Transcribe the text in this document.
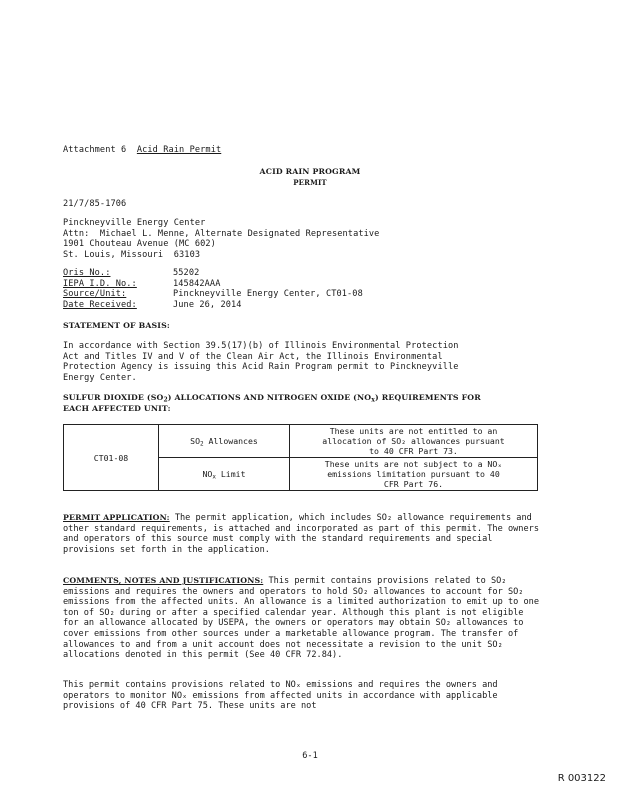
Attachment 6 Acid Rain Permit
ACID RAIN PROGRAM
PERMIT
21/7/85-1706
Pinckneyville Energy Center
Attn:  Michael L. Menne, Alternate Designated Representative
1901 Chouteau Avenue (MC 602)
St. Louis, Missouri  63103
Oris No.:	55202
IEPA I.D. No.:	145842AAA
Source/Unit:	Pinckneyville Energy Center, CT01-08
Date Received:	June 26, 2014
STATEMENT OF BASIS:
In accordance with Section 39.5(17)(b) of Illinois Environmental Protection
Act and Titles IV and V of the Clean Air Act, the Illinois Environmental
Protection Agency is issuing this Acid Rain Program permit to Pinckneyville
Energy Center.
SULFUR DIOXIDE $(SO_2)$ ALLOCATIONS AND NITROGEN OXIDE $(NO_x)$ REQUIREMENTS FOR
EACH AFFECTED UNIT:
CT01-08	$SO_2$ Allowances	These units are not entitled to an
allocation of SO₂ allowances pursuant
to 40 CFR Part 73.

	$NO_x$ Limit	These units are not subject to a NOₓ
emissions limitation pursuant to 40
CFR Part 76.
PERMIT APPLICATION: The permit application, which includes SO₂ allowance requirements and other standard requirements, is attached and incorporated as part of this permit. The owners and operators of this source must comply with the standard requirements and special provisions set forth in the application.
COMMENTS, NOTES AND JUSTIFICATIONS: This permit contains provisions related to SO₂ emissions and requires the owners and operators to hold SO₂ allowances to account for SO₂ emissions from the affected units. An allowance is a limited authorization to emit up to one ton of SO₂ during or after a specified calendar year. Although this plant is not eligible for an allowance allocated by USEPA, the owners or operators may obtain SO₂ allowances to cover emissions from other sources under a marketable allowance program. The transfer of allowances to and from a unit account does not necessitate a revision to the unit SO₂ allocations denoted in this permit (See 40 CFR 72.84).
This permit contains provisions related to NOₓ emissions and requires the owners and operators to monitor NOₓ emissions from affected units in accordance with applicable provisions of 40 CFR Part 75. These units are not
6-1
R 003122
